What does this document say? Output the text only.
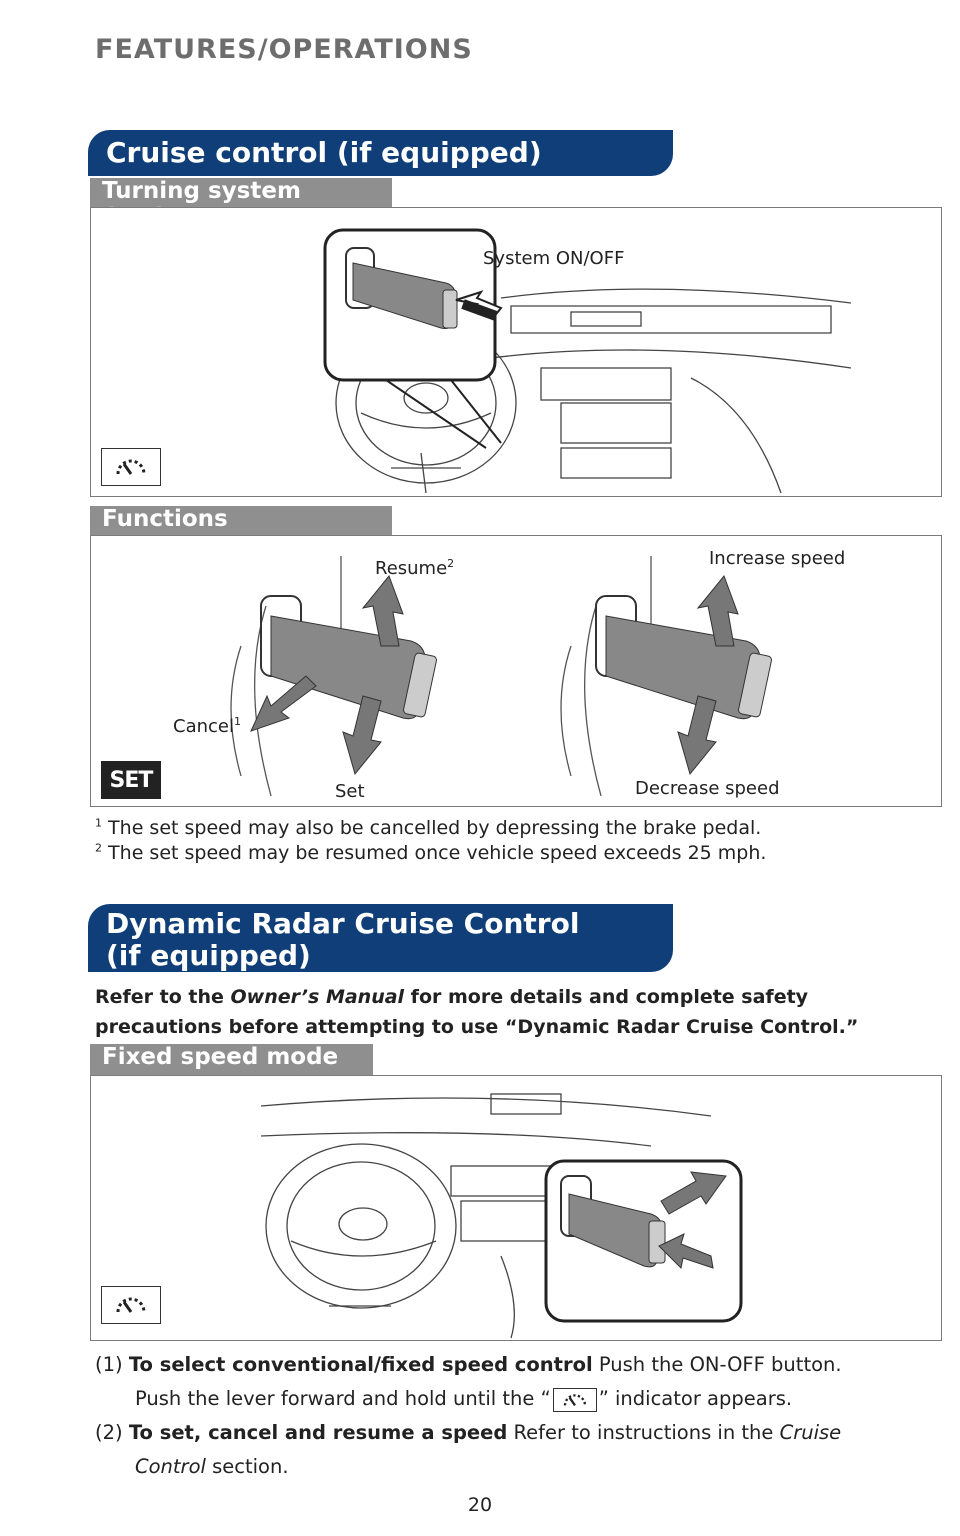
FEATURES/OPERATIONS
Cruise control (if equipped)
Turning system
System ON/OFF
Functions
Resume$^2$
Cancel$^1$
Set
Increase speed
Decrease speed
SET
$^1$ The set speed may also be cancelled by depressing the brake pedal.
$^2$ The set speed may be resumed once vehicle speed exceeds 25 mph.
Dynamic Radar Cruise Control
(if equipped)
Refer to the Owner’s Manual for more details and complete safety precautions before attempting to use “Dynamic Radar Cruise Control.”
Fixed speed mode
(1) To select conventional/fixed speed control Push the ON-OFF button.
Push the lever forward and hold until the “ ” indicator appears.
(2) To set, cancel and resume a speed Refer to instructions in the Cruise
Control section.
20
